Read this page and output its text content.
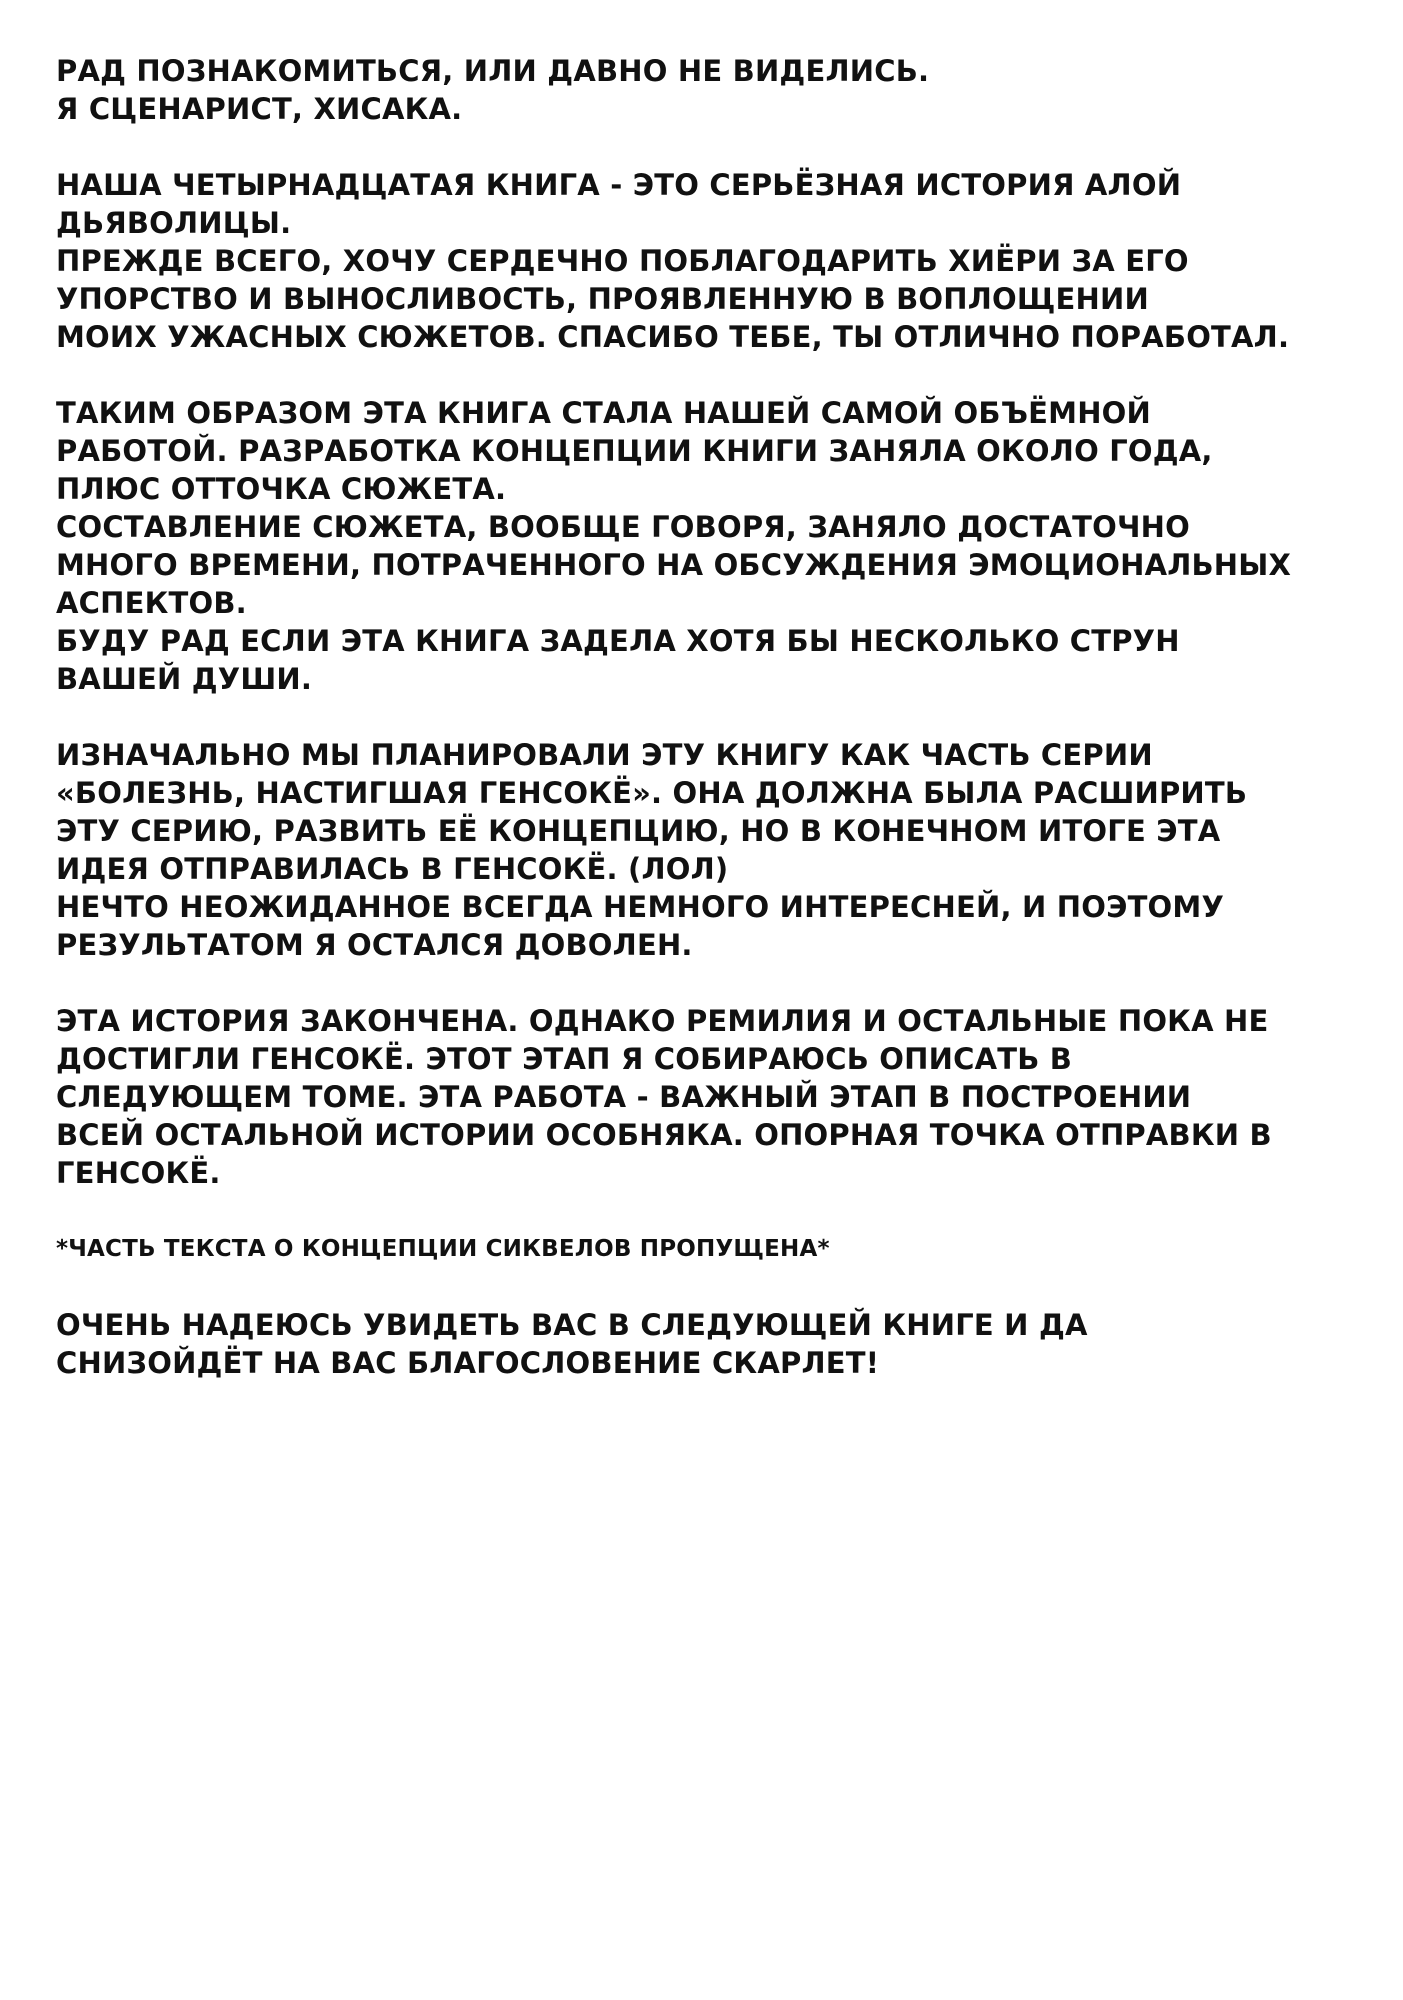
РАД ПОЗНАКОМИТЬСЯ, ИЛИ ДАВНО НЕ ВИДЕЛИСЬ.
Я СЦЕНАРИСТ, ХИСАКА.

НАША ЧЕТЫРНАДЦАТАЯ КНИГА - ЭТО СЕРЬЁЗНАЯ ИСТОРИЯ АЛОЙ
ДЬЯВОЛИЦЫ.
ПРЕЖДЕ ВСЕГО, ХОЧУ СЕРДЕЧНО ПОБЛАГОДАРИТЬ ХИЁРИ ЗА ЕГО
УПОРСТВО И ВЫНОСЛИВОСТЬ, ПРОЯВЛЕННУЮ В ВОПЛОЩЕНИИ
МОИХ УЖАСНЫХ СЮЖЕТОВ. СПАСИБО ТЕБЕ, ТЫ ОТЛИЧНО ПОРАБОТАЛ.

ТАКИМ ОБРАЗОМ ЭТА КНИГА СТАЛА НАШЕЙ САМОЙ ОБЪЁМНОЙ
РАБОТОЙ. РАЗРАБОТКА КОНЦЕПЦИИ КНИГИ ЗАНЯЛА ОКОЛО ГОДА,
ПЛЮС ОТТОЧКА СЮЖЕТА.
СОСТАВЛЕНИЕ СЮЖЕТА, ВООБЩЕ ГОВОРЯ, ЗАНЯЛО ДОСТАТОЧНО
МНОГО ВРЕМЕНИ, ПОТРАЧЕННОГО НА ОБСУЖДЕНИЯ ЭМОЦИОНАЛЬНЫХ
АСПЕКТОВ.
БУДУ РАД ЕСЛИ ЭТА КНИГА ЗАДЕЛА ХОТЯ БЫ НЕСКОЛЬКО СТРУН
ВАШЕЙ ДУШИ.

ИЗНАЧАЛЬНО МЫ ПЛАНИРОВАЛИ ЭТУ КНИГУ КАК ЧАСТЬ СЕРИИ
«БОЛЕЗНЬ, НАСТИГШАЯ ГЕНСОКЁ». ОНА ДОЛЖНА БЫЛА РАСШИРИТЬ
ЭТУ СЕРИЮ, РАЗВИТЬ ЕЁ КОНЦЕПЦИЮ, НО В КОНЕЧНОМ ИТОГЕ ЭТА
ИДЕЯ ОТПРАВИЛАСЬ В ГЕНСОКЁ. (ЛОЛ)
НЕЧТО НЕОЖИДАННОЕ ВСЕГДА НЕМНОГО ИНТЕРЕСНЕЙ, И ПОЭТОМУ
РЕЗУЛЬТАТОМ Я ОСТАЛСЯ ДОВОЛЕН.

ЭТА ИСТОРИЯ ЗАКОНЧЕНА. ОДНАКО РЕМИЛИЯ И ОСТАЛЬНЫЕ ПОКА НЕ
ДОСТИГЛИ ГЕНСОКЁ. ЭТОТ ЭТАП Я СОБИРАЮСЬ ОПИСАТЬ В
СЛЕДУЮЩЕМ ТОМЕ. ЭТА РАБОТА - ВАЖНЫЙ ЭТАП В ПОСТРОЕНИИ
ВСЕЙ ОСТАЛЬНОЙ ИСТОРИИ ОСОБНЯКА. ОПОРНАЯ ТОЧКА ОТПРАВКИ В
ГЕНСОКЁ.

*ЧАСТЬ ТЕКСТА О КОНЦЕПЦИИ СИКВЕЛОВ ПРОПУЩЕНА*

ОЧЕНЬ НАДЕЮСЬ УВИДЕТЬ ВАС В СЛЕДУЮЩЕЙ КНИГЕ И ДА
СНИЗОЙДЁТ НА ВАС БЛАГОСЛОВЕНИЕ СКАРЛЕТ!
